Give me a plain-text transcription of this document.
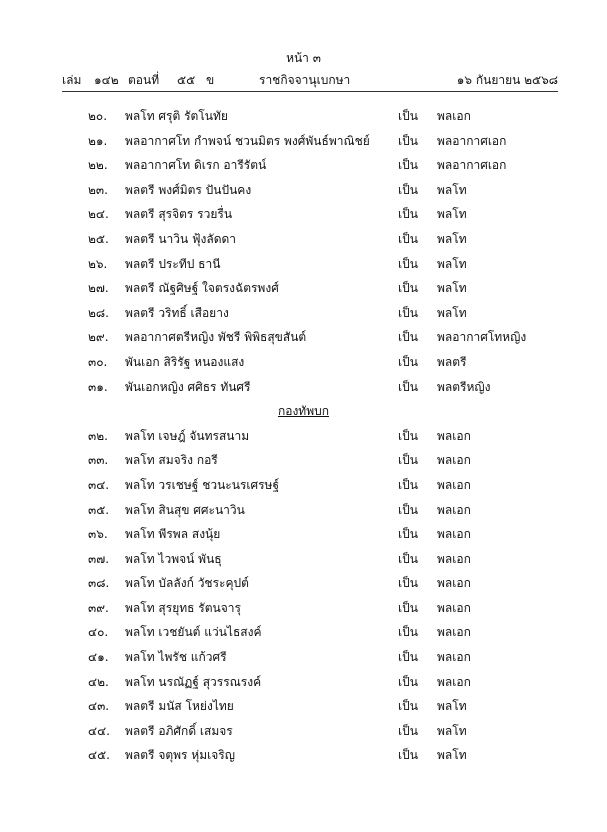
หน้า ๓
เล่ม ๑๔๒ ตอนที่ ๕๕ ข	ราชกิจจานุเบกษา	๑๖ กันยายน ๒๕๖๘
๒๐. พลโท ศรุติ รัตโนทัย	เป็น พลเอก
๒๑. พลอากาศโท กำพจน์ ชวนมิตร พงศ์พันธ์พาณิชย์ เป็น พลอากาศเอก
๒๒. พลอากาศโท ดิเรก อารีรัตน์	เป็น พลอากาศเอก
๒๓. พลตรี พงศ์มิตร ปันปันคง	เป็น พลโท
๒๔. พลตรี สุรจิตร รวยรื่น	เป็น พลโท
๒๕. พลตรี นาวิน ฟุ้งลัดดา	เป็น พลโท
๒๖. พลตรี ประทีป ธานี	เป็น พลโท
๒๗. พลตรี ณัฐศิษฐ์ ใจตรงฉัตรพงศ์	เป็น พลโท
๒๘. พลตรี วริทธิ์ เสือยาง	เป็น พลโท
๒๙. พลอากาศตรีหญิง พัชรี พิพิธสุขสันต์	เป็น พลอากาศโทหญิง
๓๐. พันเอก สิริรัฐ หนองแสง	เป็น พลตรี
๓๑. พันเอกหญิง ศศิธร ทันศรี	เป็น พลตรีหญิง
กองทัพบก
๓๒. พลโท เจษฎ์ จันทรสนาม	เป็น พลเอก
๓๓. พลโท สมจริง กอรี	เป็น พลเอก
๓๔. พลโท วรเชษฐ์ ชวนะนรเศรษฐ์	เป็น พลเอก
๓๕. พลโท สินสุข ศศะนาวิน	เป็น พลเอก
๓๖. พลโท พีรพล สงนุ้ย	เป็น พลเอก
๓๗. พลโท ไวพจน์ พันธุ	เป็น พลเอก
๓๘. พลโท บัลลังก์ วัชระคุปต์	เป็น พลเอก
๓๙. พลโท สุรยุทธ รัตนจารุ	เป็น พลเอก
๔๐. พลโท เวชยันต์ แว่นไธสงค์	เป็น พลเอก
๔๑. พลโท ไพรัช แก้วศรี	เป็น พลเอก
๔๒. พลโท นรณัฏฐ์ สุวรรณรงค์	เป็น พลเอก
๔๓. พลตรี มนัส โหย่งไทย	เป็น พลโท
๔๔. พลตรี อภิศักดิ์ เสมจร	เป็น พลโท
๔๕. พลตรี จตุพร หุ่มเจริญ	เป็น พลโท
